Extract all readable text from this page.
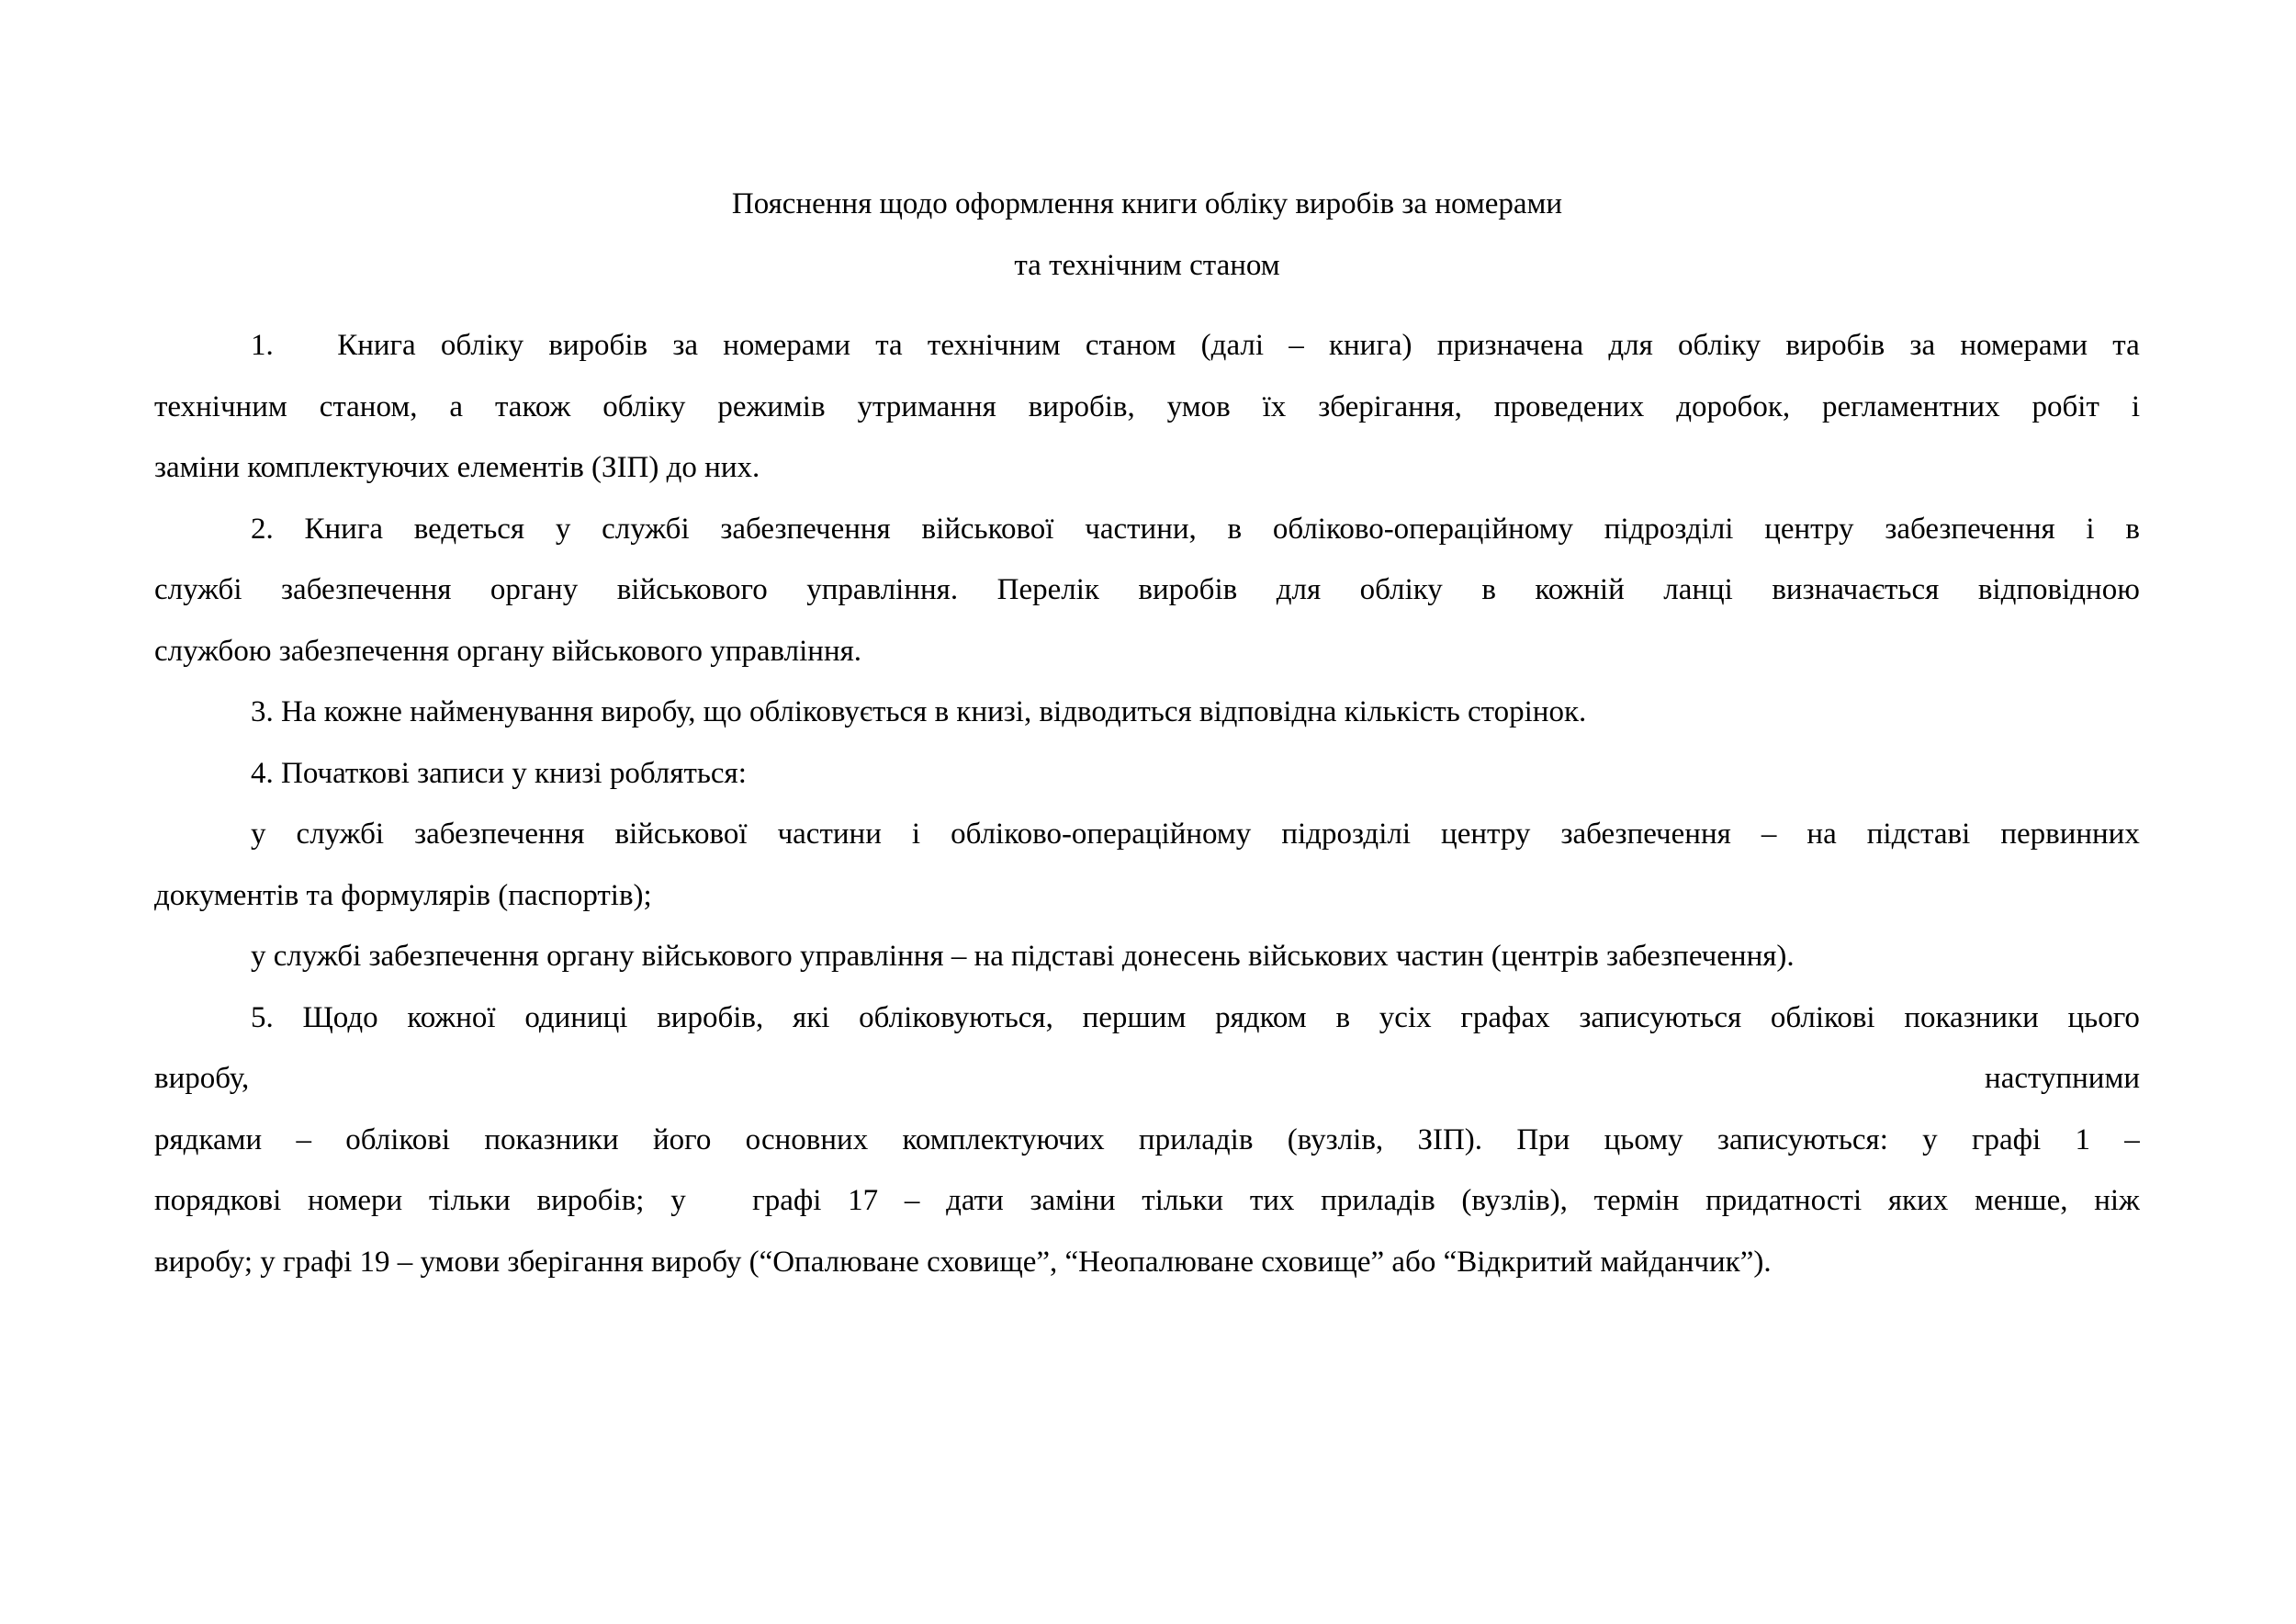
Пояснення щодо оформлення книги обліку виробів за номерами
та технічним станом
1. Книга обліку виробів за номерами та технічним станом (далі – книга) призначена для обліку виробів за номерами та
технічним станом, а також обліку режимів утримання виробів, умов їх зберігання, проведених доробок, регламентних робіт і
заміни комплектуючих елементів (ЗІП) до них.
2. Книга ведеться у службі забезпечення військової частини, в обліково-операційному підрозділі центру забезпечення і в
службі забезпечення органу військового управління. Перелік виробів для обліку в кожній ланці визначається відповідною
службою забезпечення органу військового управління.
3. На кожне найменування виробу, що обліковується в книзі, відводиться відповідна кількість сторінок.
4. Початкові записи у книзі робляться:
у службі забезпечення військової частини і обліково-операційному підрозділі центру забезпечення – на підставі первинних
документів та формулярів (паспортів);
у службі забезпечення органу військового управління – на підставі донесень військових частин (центрів забезпечення).
5. Щодо кожної одиниці виробів, які обліковуються, першим рядком в усіх графах записуються облікові показники цього
виробу,	наступними
рядками – облікові показники його основних комплектуючих приладів (вузлів, ЗІП). При цьому записуються: у графі 1 –
порядкові номери тільки виробів; у графі 17 – дати заміни тільки тих приладів (вузлів), термін придатності яких менше, ніж
виробу; у графі 19 – умови зберігання виробу (“Опалюване сховище”, “Неопалюване сховище” або “Відкритий майданчик”).
